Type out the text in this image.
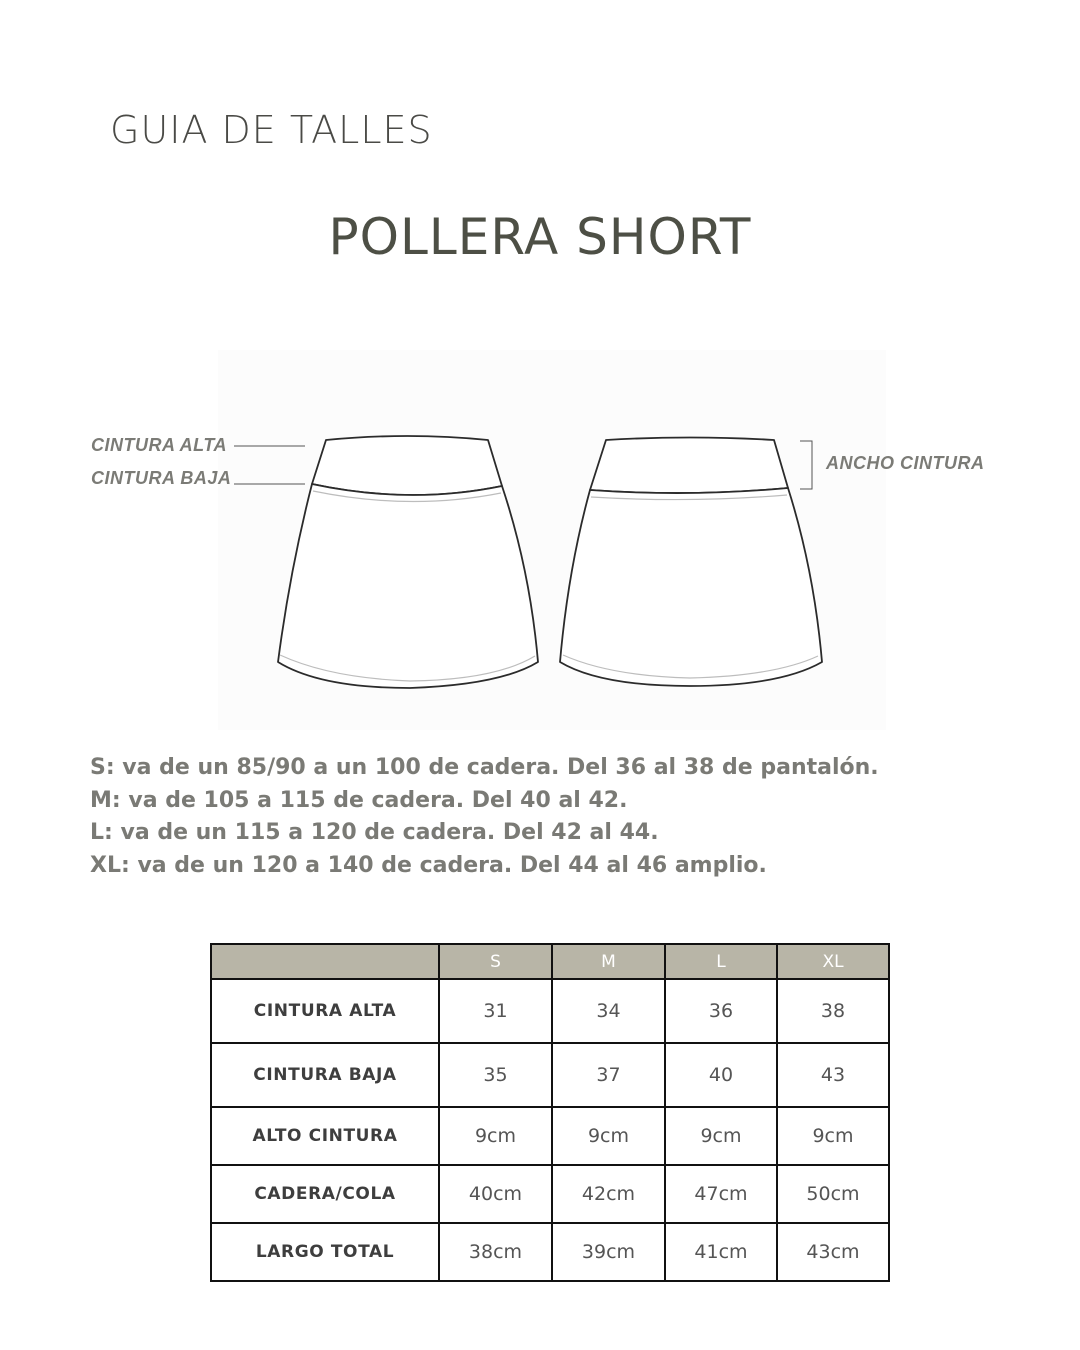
GUIA DE TALLES
POLLERA SHORT
CINTURA ALTA
CINTURA BAJA
ANCHO CINTURA
S: va de un 85/90 a un 100 de cadera. Del 36 al 38 de pantalón.
M: va de 105 a 115 de cadera. Del 40 al 42.
L: va de un 115 a 120 de cadera. Del 42 al 44.
XL: va de un 120 a 140 de cadera. Del 44 al 46 amplio.
	S	M	L	XL
CINTURA ALTA	31	34	36	38
CINTURA BAJA	35	37	40	43
ALTO CINTURA	9cm	9cm	9cm	9cm
CADERA/COLA	40cm	42cm	47cm	50cm
LARGO TOTAL	38cm	39cm	41cm	43cm
